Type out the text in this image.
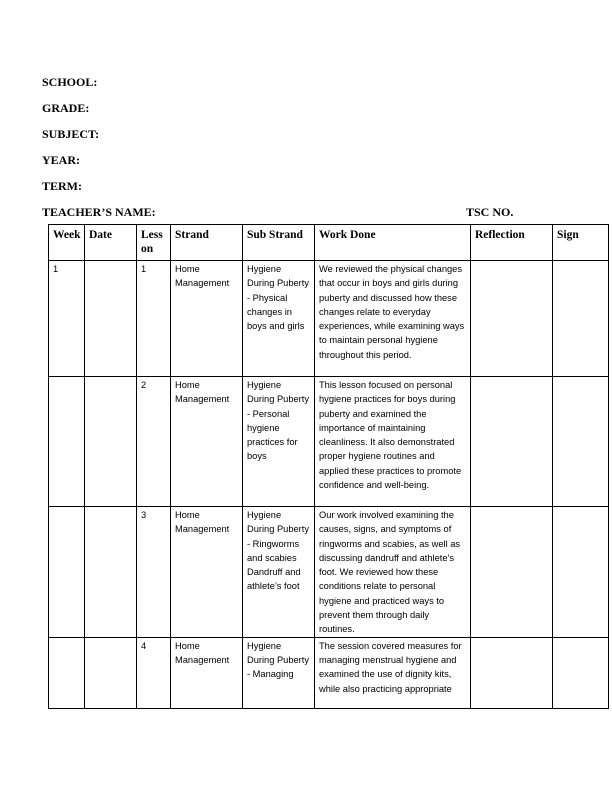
SCHOOL:
GRADE:
SUBJECT:
YEAR:
TERM:
TEACHER’S NAME:	TSC NO.
Week	Date	Lesson	Strand	Sub Strand	Work Done	Reflection	Sign
1		1	Home Management	Hygiene During Puberty - Physical changes in boys and girls	We reviewed the physical changes that occur in boys and girls during puberty and discussed how these changes relate to everyday experiences, while examining ways to maintain personal hygiene throughout this period.		
		2	Home Management	Hygiene During Puberty - Personal hygiene practices for boys	This lesson focused on personal hygiene practices for boys during puberty and examined the importance of maintaining cleanliness. It also demonstrated proper hygiene routines and applied these practices to promote confidence and well-being.		
		3	Home Management	Hygiene During Puberty - Ringworms and scabies Dandruff and athlete’s foot	Our work involved examining the causes, signs, and symptoms of ringworms and scabies, as well as discussing dandruff and athlete’s foot. We reviewed how these conditions relate to personal hygiene and practiced ways to prevent them through daily routines.		
		4	Home Management	Hygiene During Puberty - Managing	The session covered measures for managing menstrual hygiene and examined the use of dignity kits, while also practicing appropriate		
